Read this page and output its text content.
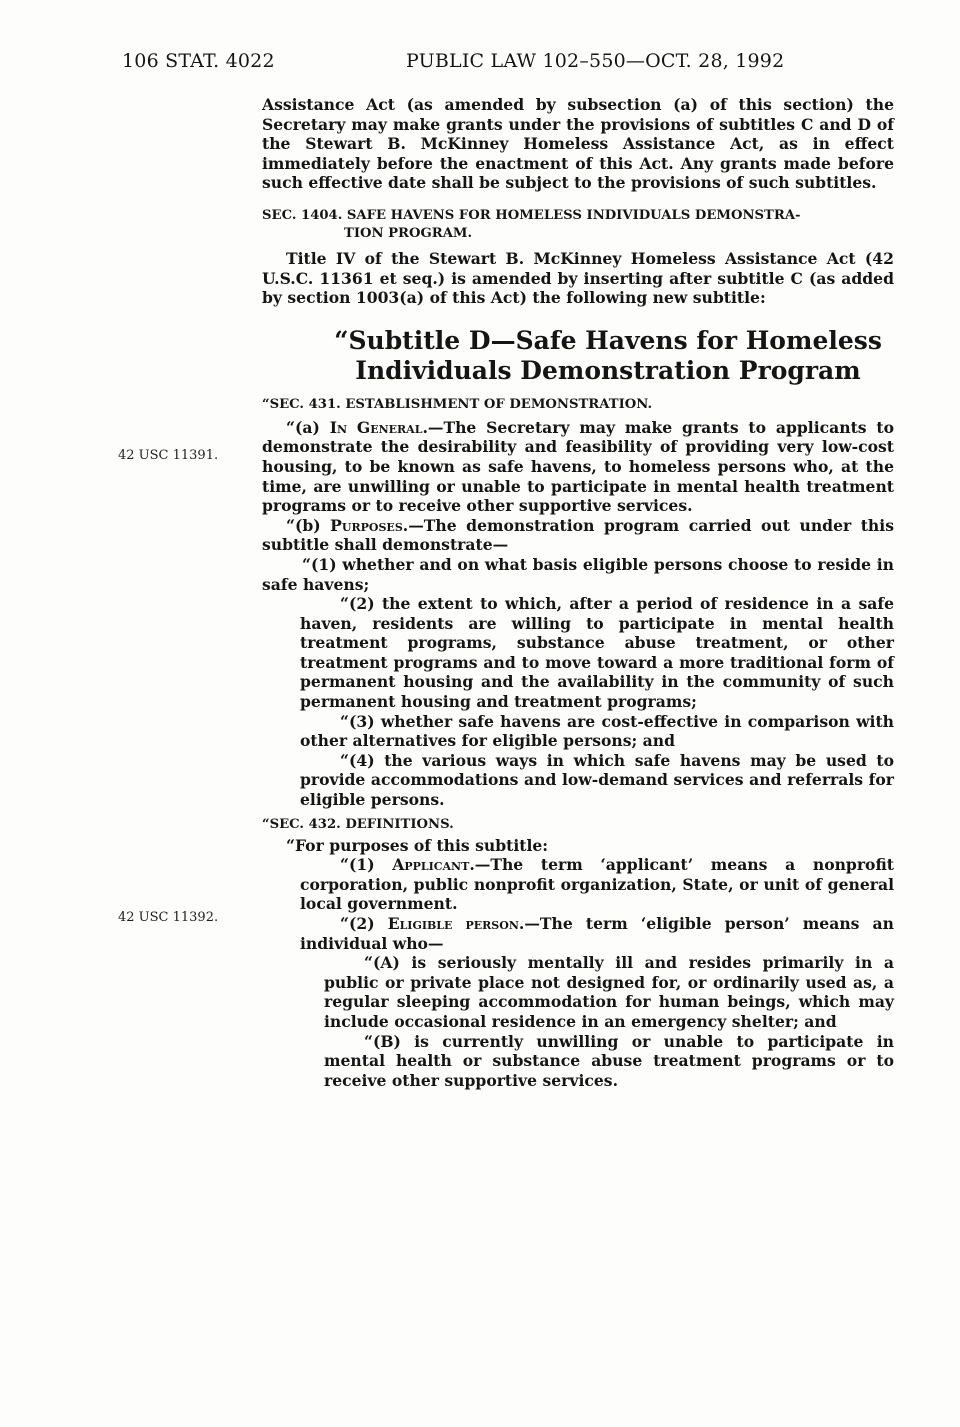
106 STAT. 4022	PUBLIC LAW 102–550—OCT. 28, 1992
42 USC 11391.
42 USC 11392.

Assistance Act (as amended by subsection (a) of this section) the Secretary may make grants under the provisions of subtitles C and D of the Stewart B. McKinney Homeless Assistance Act, as in effect immediately before the enactment of this Act. Any grants made before such effective date shall be subject to the provisions of such subtitles.

SEC. 1404. SAFE HAVENS FOR HOMELESS INDIVIDUALS DEMONSTRA-
TION PROGRAM.

Title IV of the Stewart B. McKinney Homeless Assistance Act (42 U.S.C. 11361 et seq.) is amended by inserting after subtitle C (as added by section 1003(a) of this Act) the following new subtitle:

“Subtitle D—Safe Havens for Homeless
Individuals Demonstration Program

“SEC. 431. ESTABLISHMENT OF DEMONSTRATION.

“(a) In General.—The Secretary may make grants to applicants to demonstrate the desirability and feasibility of providing very low-cost housing, to be known as safe havens, to homeless persons who, at the time, are unwilling or unable to participate in mental health treatment programs or to receive other supportive services.

“(b) Purposes.—The demonstration program carried out under this subtitle shall demonstrate—

“(1) whether and on what basis eligible persons choose to reside in safe havens;

“(2) the extent to which, after a period of residence in a safe haven, residents are willing to participate in mental health treatment programs, substance abuse treatment, or other treatment programs and to move toward a more traditional form of permanent housing and the availability in the community of such permanent housing and treatment programs;

“(3) whether safe havens are cost-effective in comparison with other alternatives for eligible persons; and

“(4) the various ways in which safe havens may be used to provide accommodations and low-demand services and referrals for eligible persons.

“SEC. 432. DEFINITIONS.

“For purposes of this subtitle:

“(1) Applicant.—The term ‘applicant’ means a nonprofit corporation, public nonprofit organization, State, or unit of general local government.

“(2) Eligible person.—The term ‘eligible person’ means an individual who—

“(A) is seriously mentally ill and resides primarily in a public or private place not designed for, or ordinarily used as, a regular sleeping accommodation for human beings, which may include occasional residence in an emergency shelter; and

“(B) is currently unwilling or unable to participate in mental health or substance abuse treatment programs or to receive other supportive services.
